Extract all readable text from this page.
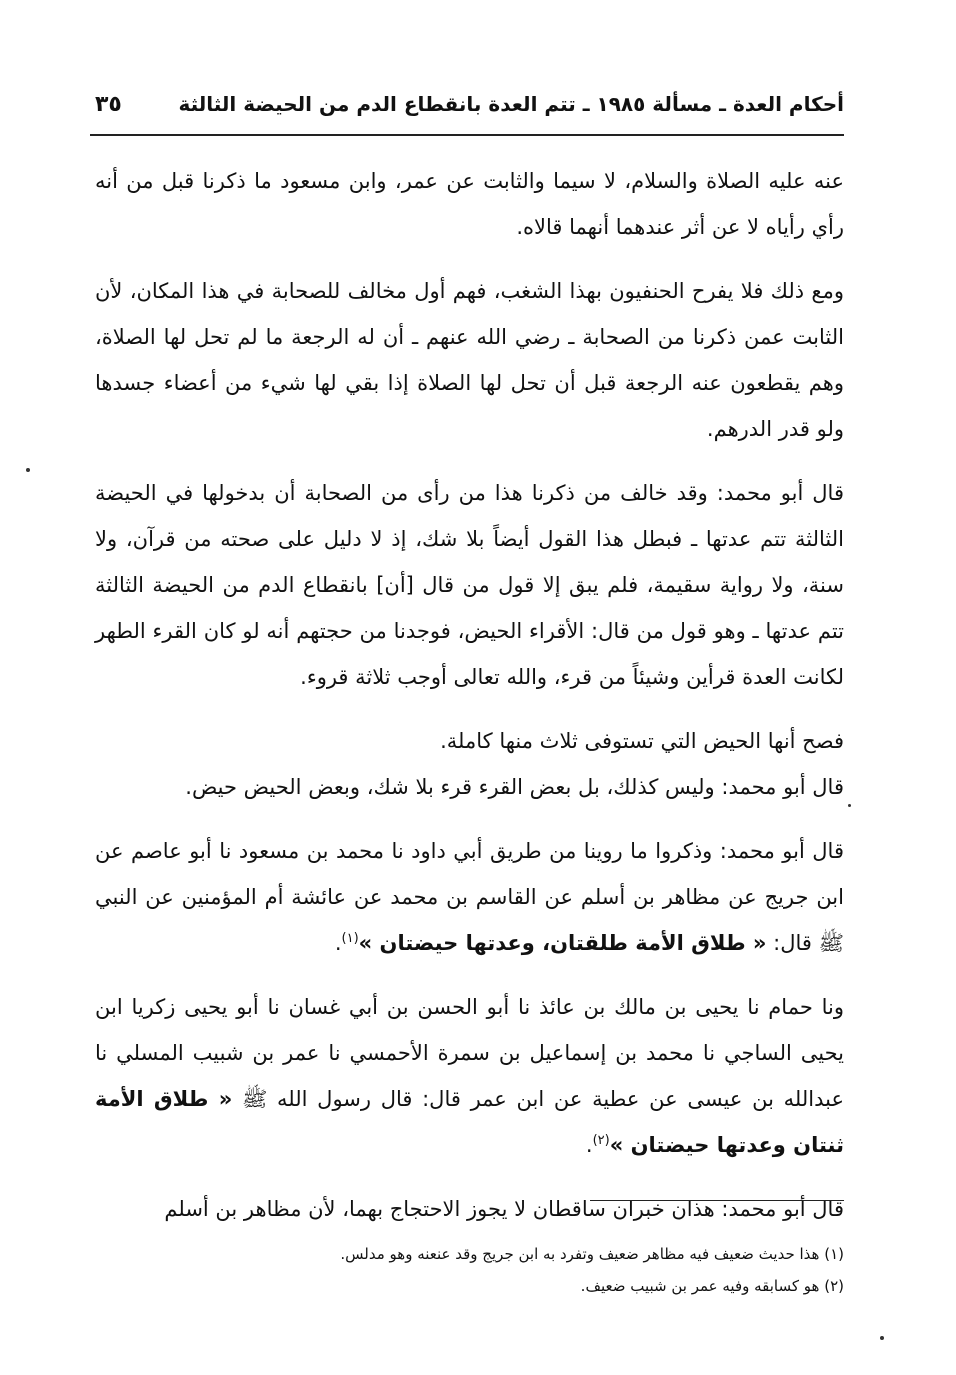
أحكام العدة ـ مسألة ١٩٨٥ ـ تتم العدة بانقطاع الدم من الحيضة الثالثة
٣٥

عنه عليه الصلاة والسلام، لا سيما والثابت عن عمر، وابن مسعود ما ذكرنا قبل من أنه رأي رأياه لا عن أثر عندهما أنهما قالاه.

ومع ذلك فلا يفرح الحنفيون بهذا الشغب، فهم أول مخالف للصحابة في هذا المكان، لأن الثابت عمن ذكرنا من الصحابة ـ رضي الله عنهم ـ أن له الرجعة ما لم تحل لها الصلاة، وهم يقطعون عنه الرجعة قبل أن تحل لها الصلاة إذا بقي لها شيء من أعضاء جسدها ولو قدر الدرهم.

قال أبو محمد: وقد خالف من ذكرنا هذا من رأى من الصحابة أن بدخولها في الحيضة الثالثة تتم عدتها ـ فبطل هذا القول أيضاً بلا شك، إذ لا دليل على صحته من قرآن، ولا سنة، ولا رواية سقيمة، فلم يبق إلا قول من قال [أن] بانقطاع الدم من الحيضة الثالثة تتم عدتها ـ وهو قول من قال: الأقراء الحيض، فوجدنا من حجتهم أنه لو كان القرء الطهر لكانت العدة قرأين وشيئاً من قرء، والله تعالى أوجب ثلاثة قروء.

فصح أنها الحيض التي تستوفى ثلاث منها كاملة.

قال أبو محمد: وليس كذلك، بل بعض القرء قرء بلا شك، وبعض الحيض حيض.

قال أبو محمد: وذكروا ما روينا من طريق أبي داود نا محمد بن مسعود نا أبو عاصم عن ابن جريج عن مظاهر بن أسلم عن القاسم بن محمد عن عائشة أم المؤمنين عن النبي ﷺ قال: « طلاق الأمة طلقتان، وعدتها حيضتان »$^{(١)}$.

ونا حمام نا يحيى بن مالك بن عائذ نا أبو الحسن بن أبي غسان نا أبو يحيى زكريا ابن يحيى الساجي نا محمد بن إسماعيل بن سمرة الأحمسي نا عمر بن شبيب المسلي نا عبدالله بن عيسى عن عطية عن ابن عمر قال: قال رسول الله ﷺ « طلاق الأمة ثنتان وعدتها حيضتان »$^{(٢)}$.

قال أبو محمد: هذان خبران ساقطان لا يجوز الاحتجاج بهما، لأن مظاهر بن أسلم

(١) هذا حديث ضعيف فيه مظاهر ضعيف وتفرد به ابن جريج وقد عنعنه وهو مدلس.
(٢) هو كسابقه وفيه عمر بن شبيب ضعيف.
